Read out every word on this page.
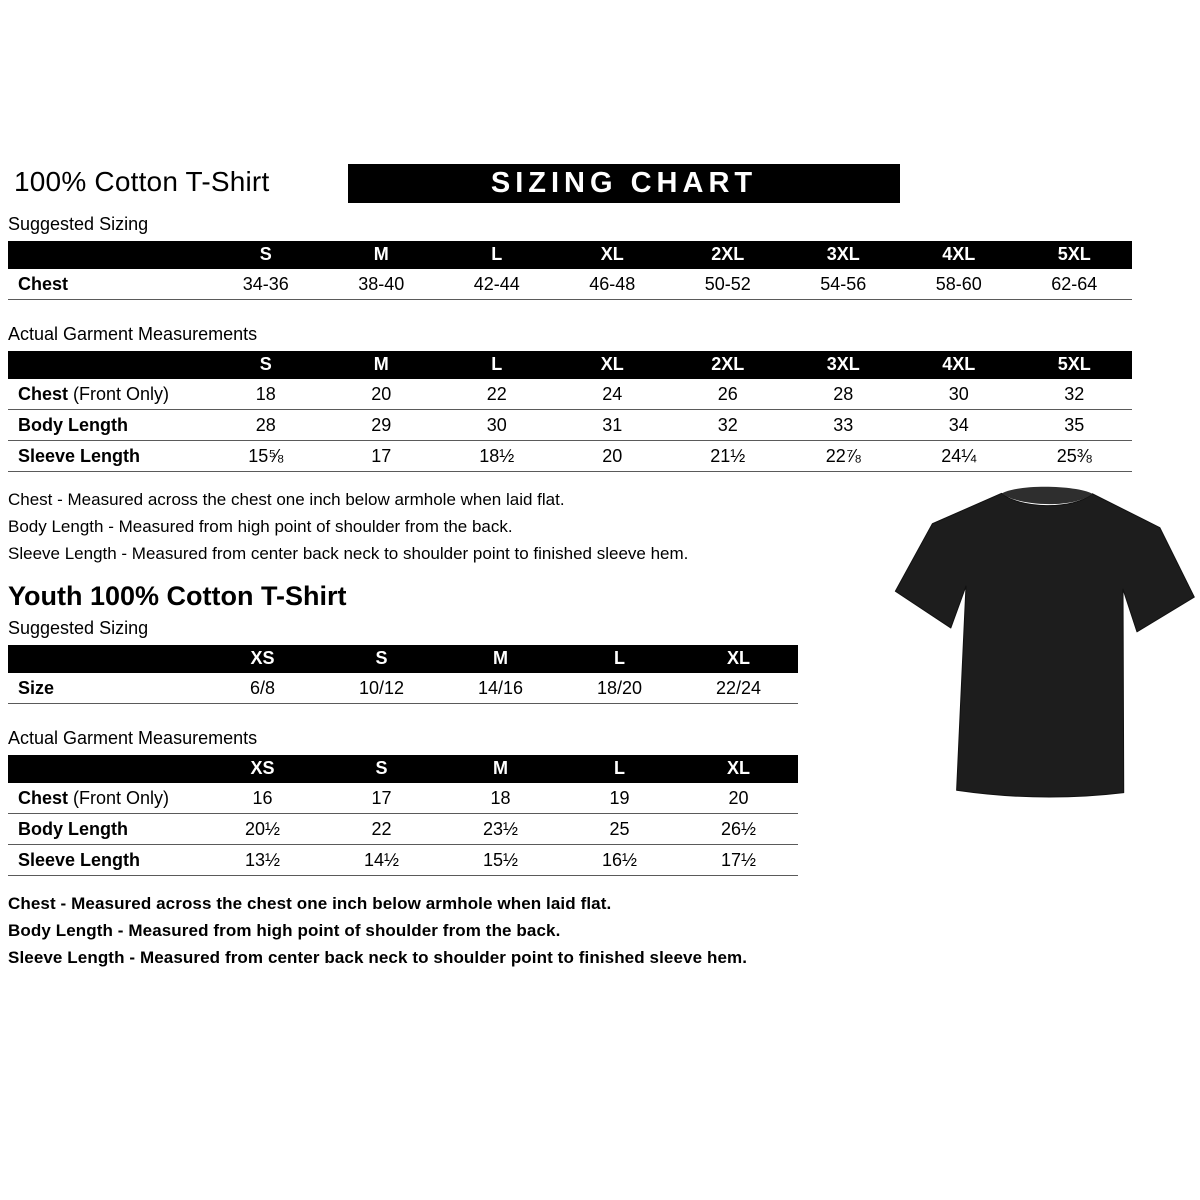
100% Cotton T-Shirt	SIZING CHART
Suggested Sizing
	S	M	L	XL	2XL	3XL	4XL	5XL
Chest	34-36	38-40	42-44	46-48	50-52	54-56	58-60	62-64
Actual Garment Measurements
	S	M	L	XL	2XL	3XL	4XL	5XL
Chest (Front Only)	18	20	22	24	26	28	30	32
Body Length	28	29	30	31	32	33	34	35
Sleeve Length	15⅝	17	18½	20	21½	22⅞	24¼	25⅜
Chest - Measured across the chest one inch below armhole when laid flat.
Body Length - Measured from high point of shoulder from the back.
Sleeve Length - Measured from center back neck to shoulder point to finished sleeve hem.
Youth 100% Cotton T-Shirt
Suggested Sizing
	XS	S	M	L	XL
Size	6/8	10/12	14/16	18/20	22/24
Actual Garment Measurements
	XS	S	M	L	XL
Chest (Front Only)	16	17	18	19	20
Body Length	20½	22	23½	25	26½
Sleeve Length	13½	14½	15½	16½	17½
Chest - Measured across the chest one inch below armhole when laid flat.
Body Length - Measured from high point of shoulder from the back.
Sleeve Length - Measured from center back neck to shoulder point to finished sleeve hem.
